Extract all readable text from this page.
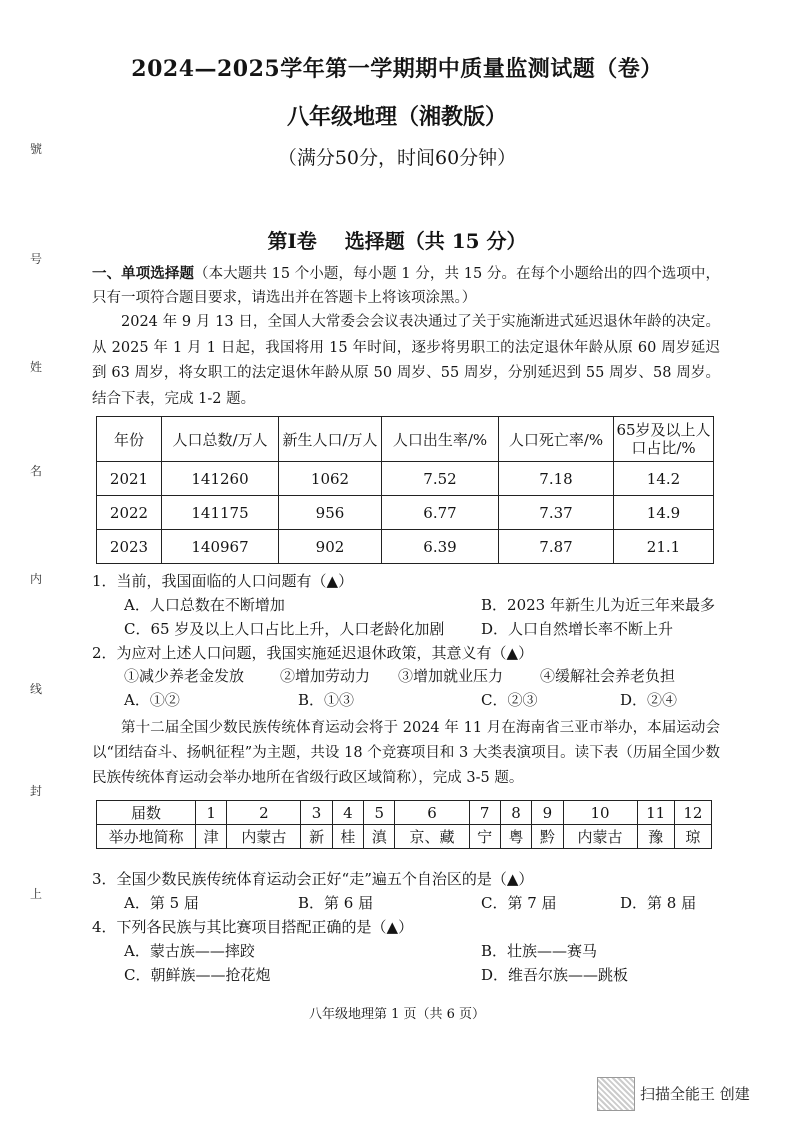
號
号
姓
名
内
线
封
上
2024—2025学年第一学期期中质量监测试题（卷）
八年级地理（湘教版）
（满分50分，时间60分钟）
第Ⅰ卷 选择题（共 15 分）
一、单项选择题（本大题共 15 个小题，每小题 1 分，共 15 分。在每个小题给出的四个选项中，只有一项符合题目要求，请选出并在答题卡上将该项涂黑。）
2024 年 9 月 13 日，全国人大常委会会议表决通过了关于实施渐进式延迟退休年龄的决定。从 2025 年 1 月 1 日起，我国将用 15 年时间，逐步将男职工的法定退休年龄从原 60 周岁延迟到 63 周岁，将女职工的法定退休年龄从原 50 周岁、55 周岁，分别延迟到 55 周岁、58 周岁。结合下表，完成 1-2 题。
年份	人口总数/万人	新生人口/万人	人口出生率/%	人口死亡率/%	65岁及以上人口占比/%
2021	141260	1062	7.52	7.18	14.2
2022	141175	956	6.77	7.37	14.9
2023	140967	902	6.39	7.87	21.1
1．当前，我国面临的人口问题有（▲）
A．人口总数在不断增加	B．2023 年新生儿为近三年来最多
C．65 岁及以上人口占比上升，人口老龄化加剧 D．人口自然增长率不断上升
2．为应对上述人口问题，我国实施延迟退休政策，其意义有（▲）
①减少养老金发放 ②增加劳动力 ③增加就业压力 ④缓解社会养老负担
A．①②	B．①③	C．②③	D．②④
第十二届全国少数民族传统体育运动会将于 2024 年 11 月在海南省三亚市举办，本届运动会以“团结奋斗、扬帆征程”为主题，共设 18 个竞赛项目和 3 大类表演项目。读下表（历届全国少数民族传统体育运动会举办地所在省级行政区域简称），完成 3-5 题。
届数	1	2	3	4	5	6	7	8	9	10	11	12
举办地简称	津	内蒙古	新	桂	滇	京、藏	宁	粤	黔	内蒙古	豫	琼
3．全国少数民族传统体育运动会正好“走”遍五个自治区的是（▲）
A．第 5 届	B．第 6 届	C．第 7 届	D．第 8 届
4．下列各民族与其比赛项目搭配正确的是（▲）
A．蒙古族——摔跤	B．壮族——赛马
C．朝鲜族——抢花炮	D．维吾尔族——跳板
八年级地理第 1 页（共 6 页）
扫描全能王 创建
